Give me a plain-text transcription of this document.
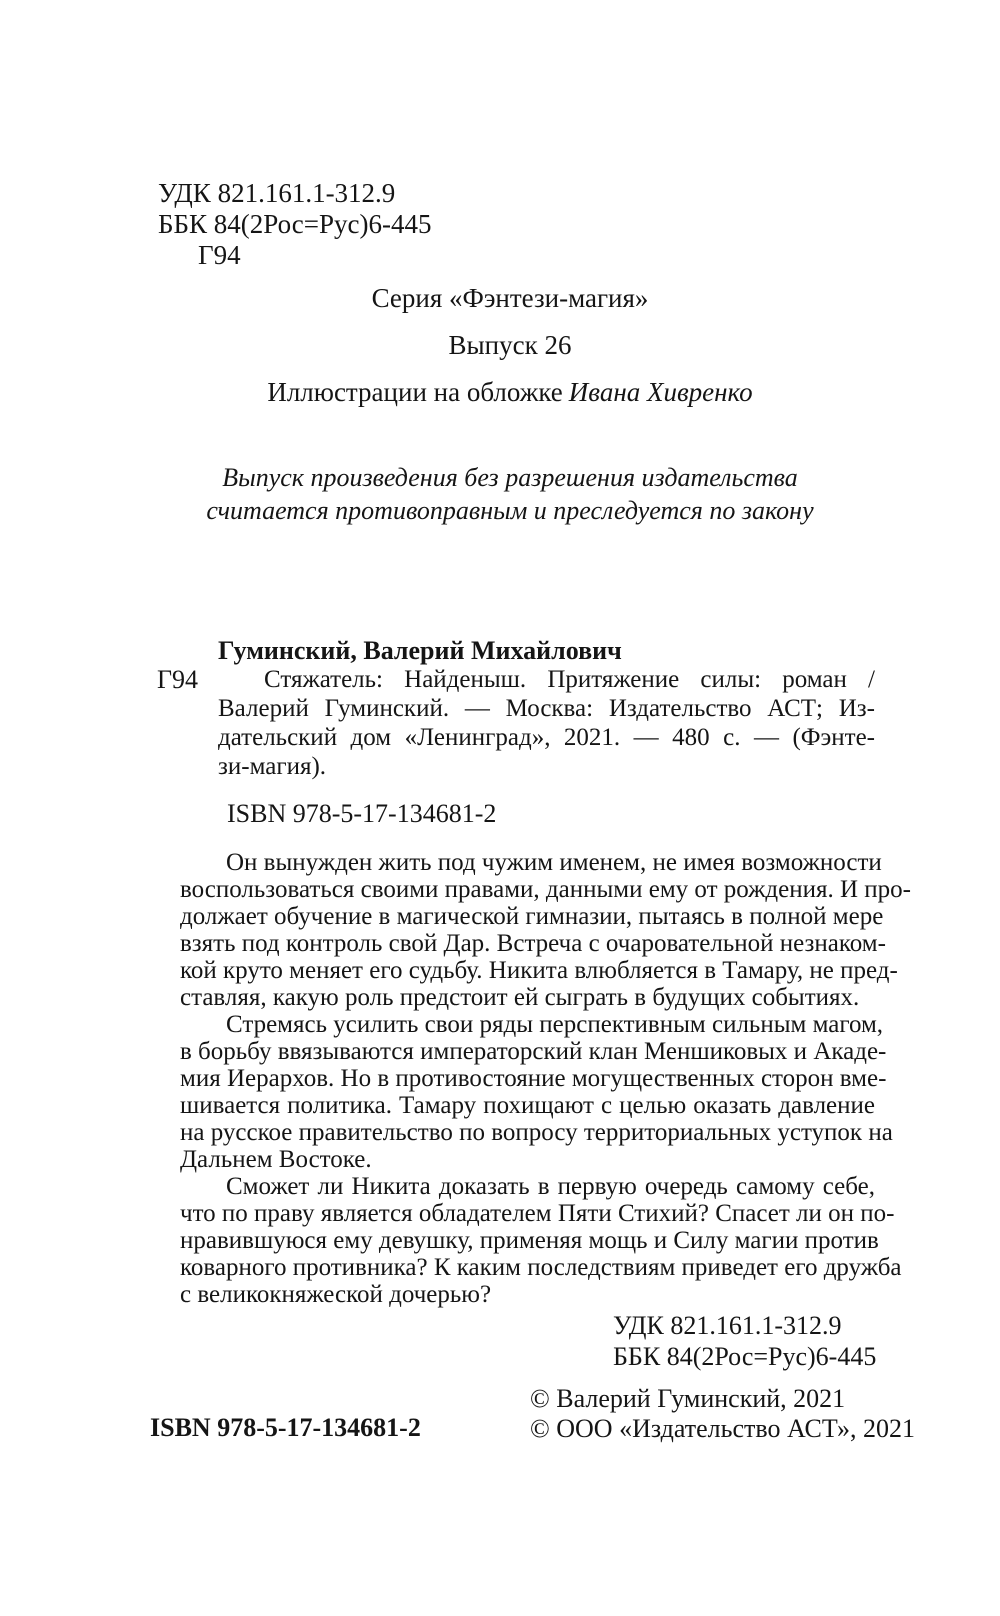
УДК 821.161.1-312.9
ББК 84(2Рос=Рус)6-445
Г94
Серия «Фэнтези-магия»
Выпуск 26
Иллюстрации на обложке Ивана Хивренко
Выпуск произведения без разрешения издательства
считается противоправным и преследуется по закону
Гуминский, Валерий Михайлович
Г94	Стяжатель: Найденыш. Притяжение силы: роман /
Валерий Гуминский. — Москва: Издательство АСТ; Из-
дательский дом «Ленинград», 2021. — 480 с. — (Фэнте-
зи-магия).
ISBN 978-5-17-134681-2
Он вынужден жить под чужим именем, не имея возможности
воспользоваться своими правами, данными ему от рождения. И про-
должает обучение в магической гимназии, пытаясь в полной мере
взять под контроль свой Дар. Встреча с очаровательной незнаком-
кой круто меняет его судьбу. Никита влюбляется в Тамару, не пред-
ставляя, какую роль предстоит ей сыграть в будущих событиях.
Стремясь усилить свои ряды перспективным сильным магом,
в борьбу ввязываются императорский клан Меншиковых и Акаде-
мия Иерархов. Но в противостояние могущественных сторон вме-
шивается политика. Тамару похищают с целью оказать давление
на русское правительство по вопросу территориальных уступок на
Дальнем Востоке.
Сможет ли Никита доказать в первую очередь самому себе,
что по праву является обладателем Пяти Стихий? Спасет ли он по-
нравившуюся ему девушку, применяя мощь и Силу магии против
коварного противника? К каким последствиям приведет его дружба
с великокняжеской дочерью?
УДК 821.161.1-312.9
ББК 84(2Рос=Рус)6-445
© Валерий Гуминский, 2021
© ООО «Издательство АСТ», 2021
ISBN 978-5-17-134681-2
